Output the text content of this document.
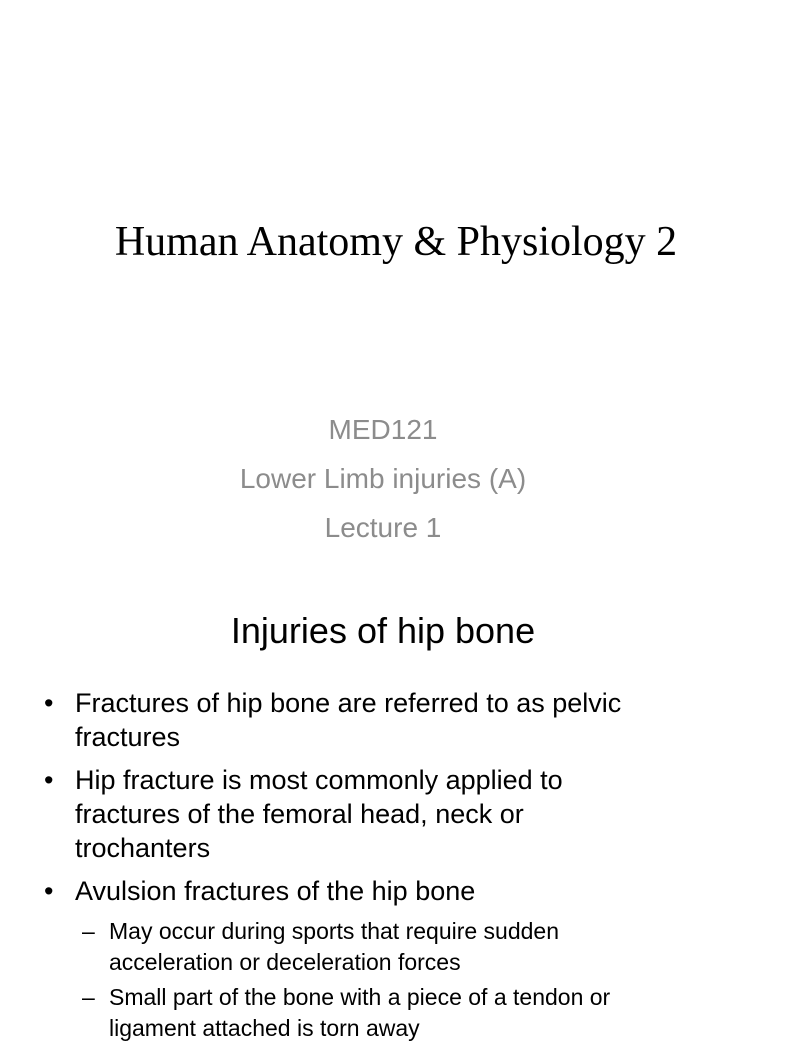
Human Anatomy & Physiology 2
MED121
Lower Limb injuries (A)
Lecture 1
Injuries of hip bone
• Fractures of hip bone are referred to as pelvic
fractures
• Hip fracture is most commonly applied to
fractures of the femoral head, neck or
trochanters
• Avulsion fractures of the hip bone
– May occur during sports that require sudden
acceleration or deceleration forces
– Small part of the bone with a piece of a tendon or
ligament attached is torn away
